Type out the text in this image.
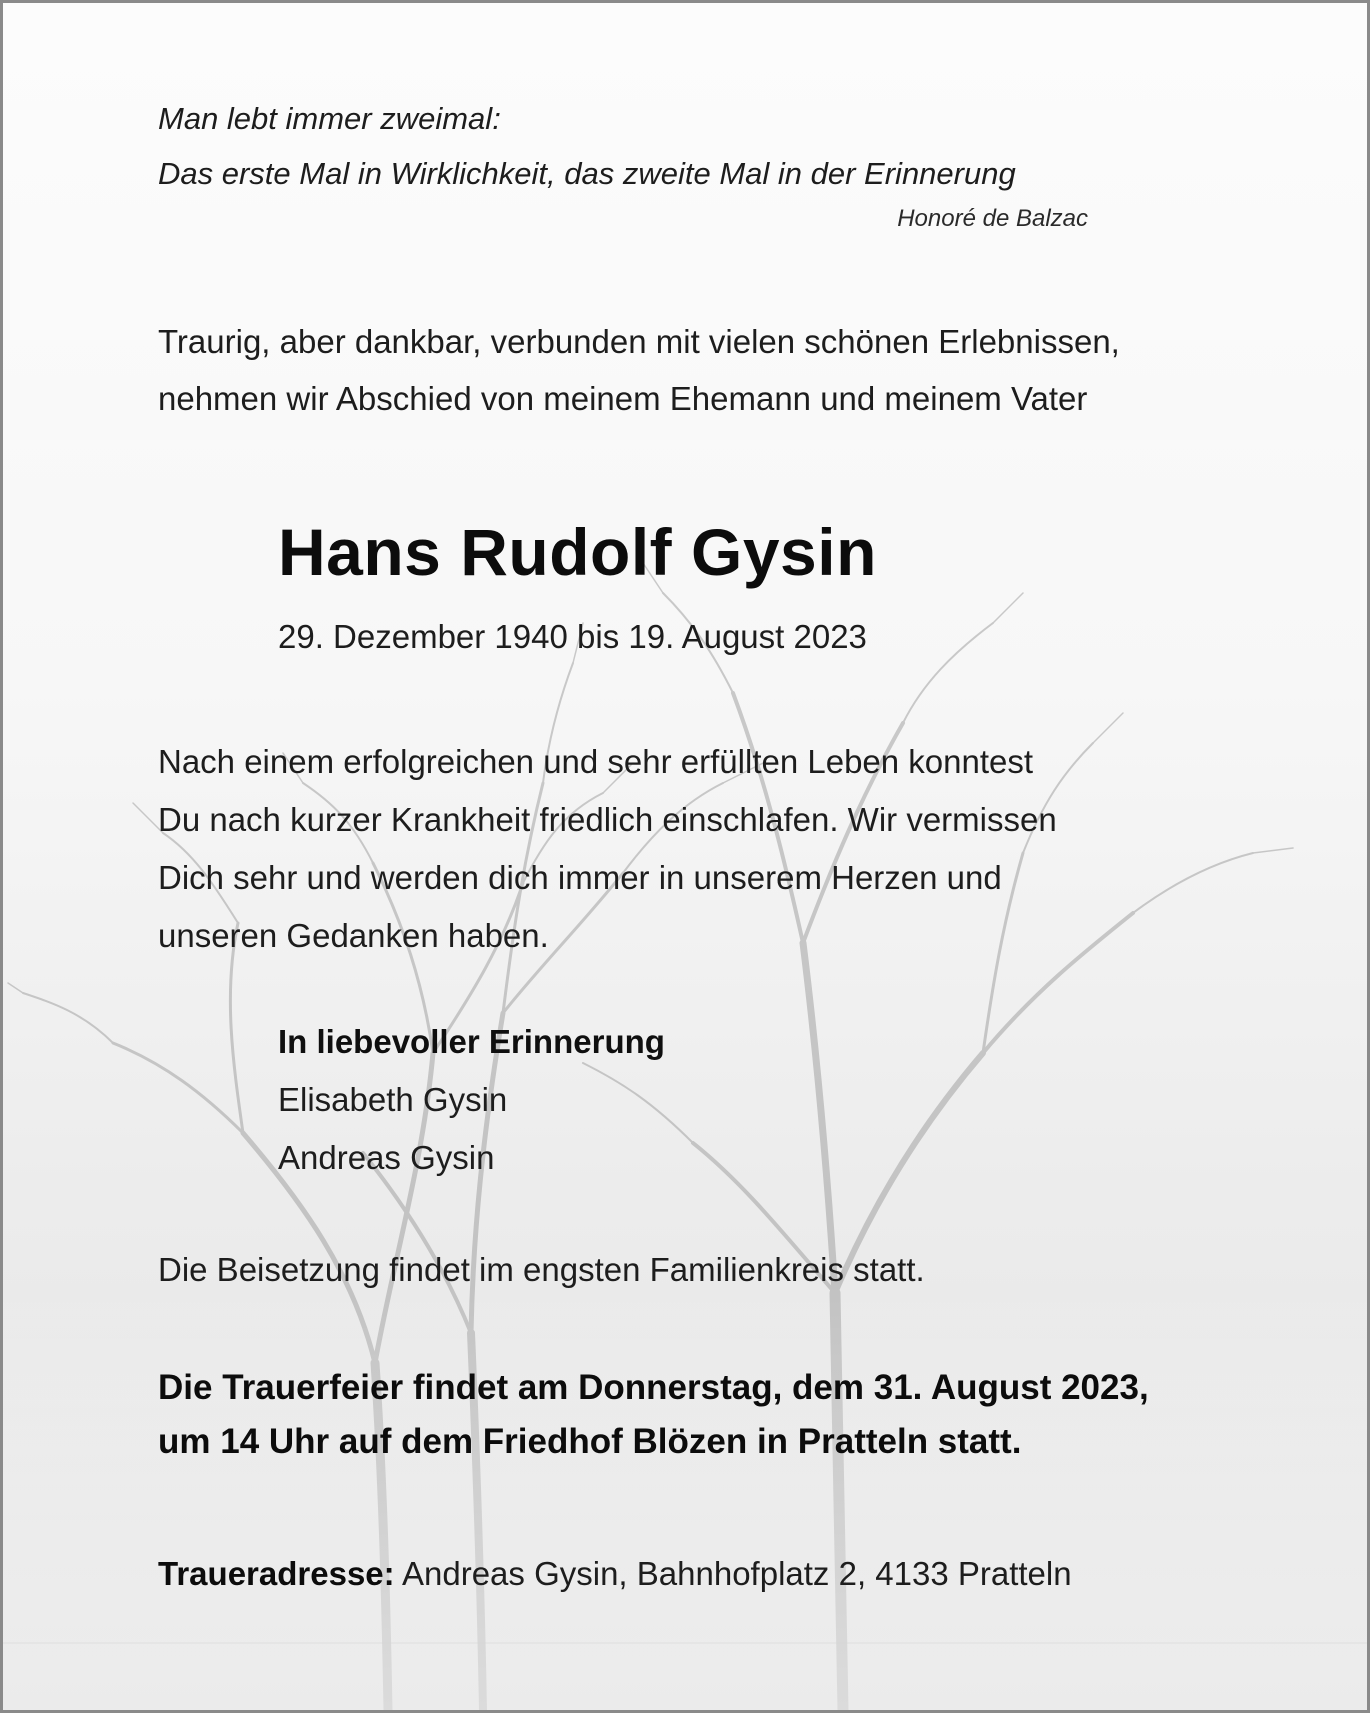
Man lebt immer zweimal:
Das erste Mal in Wirklichkeit, das zweite Mal in der Erinnerung
Honoré de Balzac
Traurig, aber dankbar, verbunden mit vielen schönen Erlebnissen,
nehmen wir Abschied von meinem Ehemann und meinem Vater
Hans Rudolf Gysin
29. Dezember 1940 bis 19. August 2023
Nach einem erfolgreichen und sehr erfüllten Leben konntest
Du nach kurzer Krankheit friedlich einschlafen. Wir vermissen
Dich sehr und werden dich immer in unserem Herzen und
unseren Gedanken haben.
In liebevoller Erinnerung
Elisabeth Gysin
Andreas Gysin
Die Beisetzung findet im engsten Familienkreis statt.
Die Trauerfeier findet am Donnerstag, dem 31. August 2023,
um 14 Uhr auf dem Friedhof Blözen in Pratteln statt.
Traueradresse: Andreas Gysin, Bahnhofplatz 2, 4133 Pratteln
